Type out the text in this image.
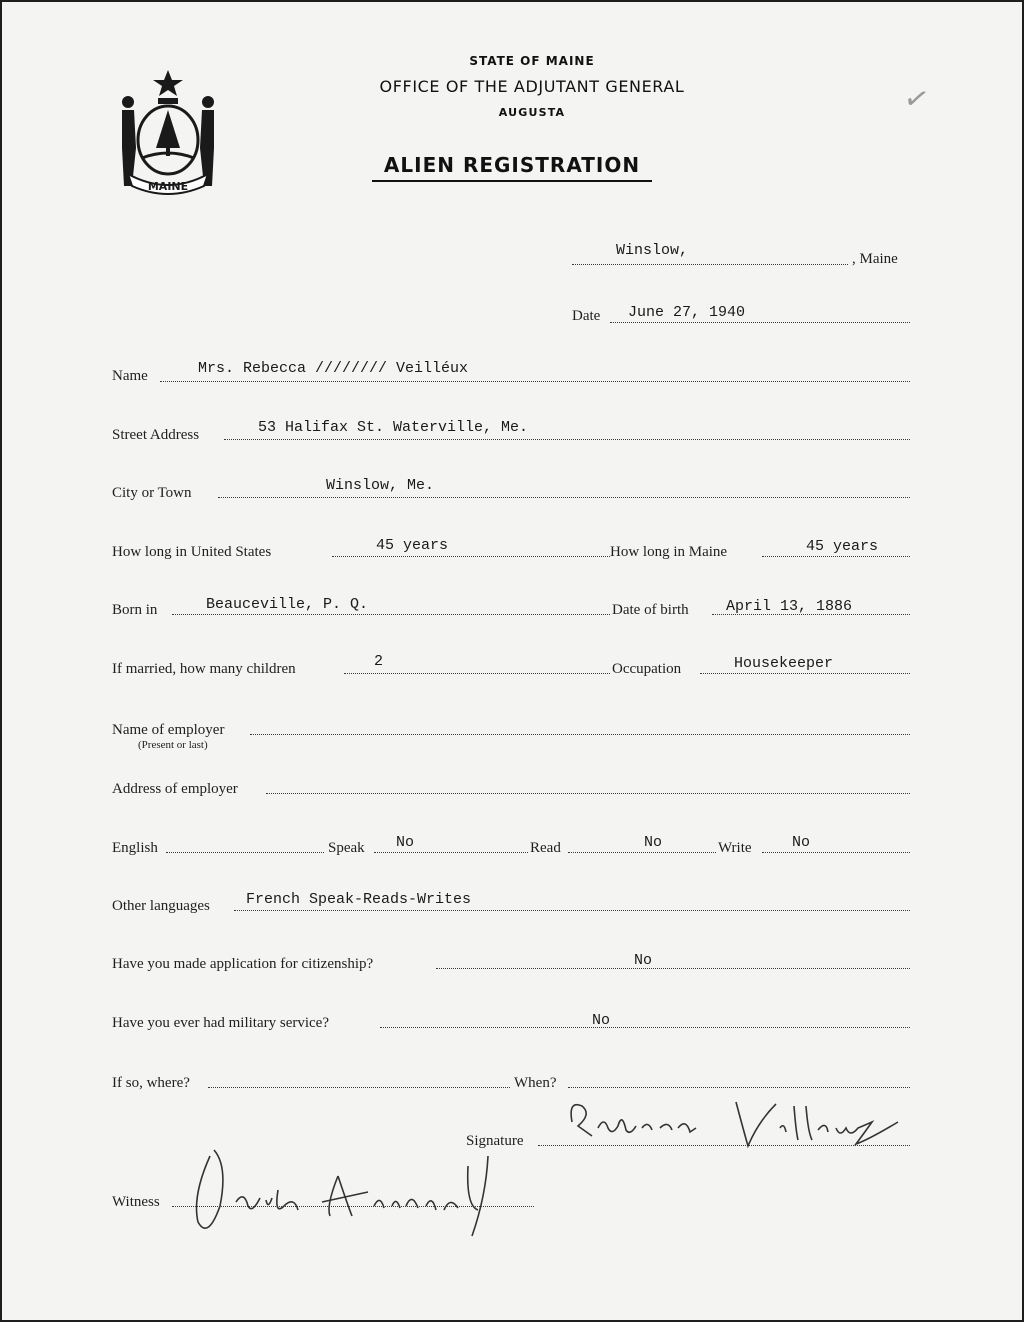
MAINE
STATE OF MAINE
OFFICE OF THE ADJUTANT GENERAL
AUGUSTA
ALIEN REGISTRATION
✓
Winslow,	, Maine
Date June 27, 1940
Name	Mrs. Rebecca //////// Veilléux
Street Address	53 Halifax St. Waterville, Me.
City or Town	Winslow, Me.
How long in United States	45 years	How long in Maine	45 years
Born in	Beauceville, P. Q.	Date of birth April 13, 1886
If married, how many children	2	Occupation	Housekeeper
Name of employer
(Present or last)
Address of employer
English	Speak No	Read	No	Write	No
Other languages French Speak-Reads-Writes
Have you made application for citizenship?	No
Have you ever had military service?	No
If so, where?	When?
Signature
Witness
